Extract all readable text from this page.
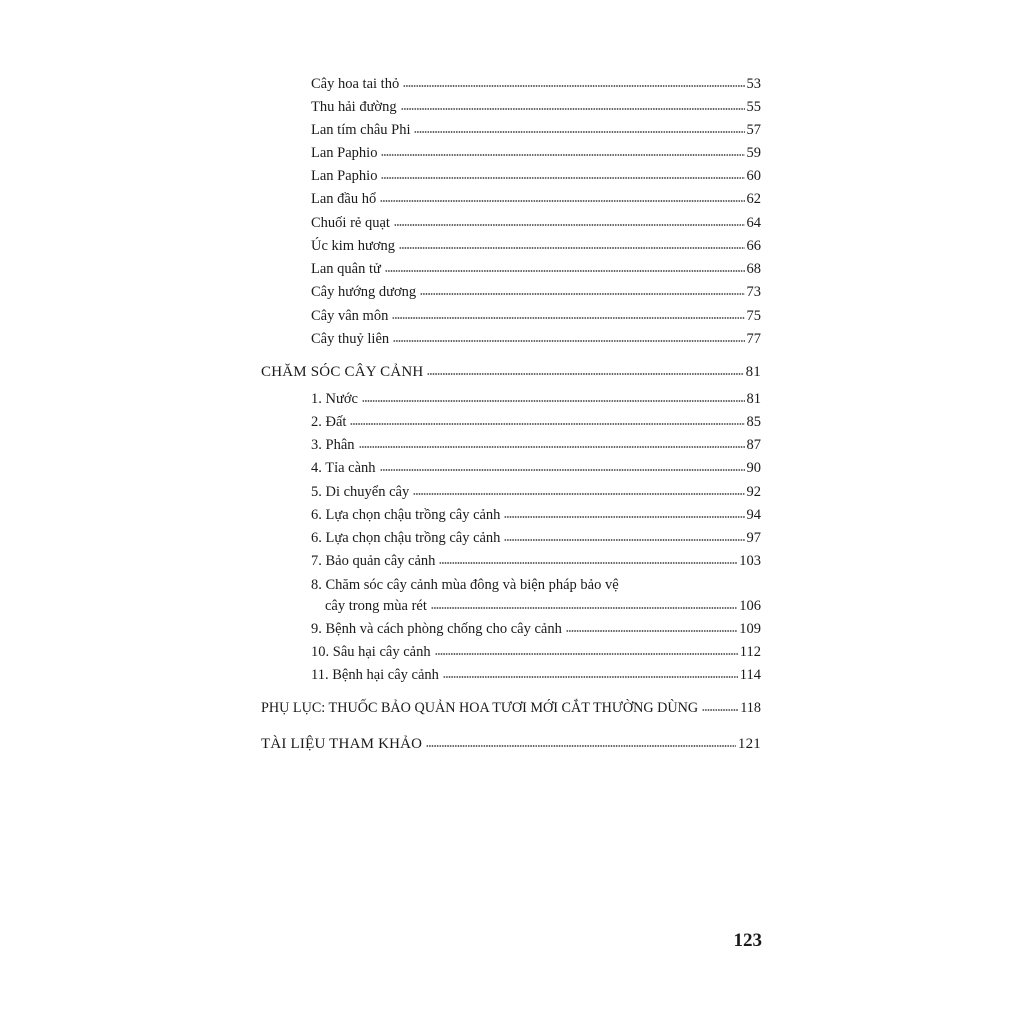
Cây hoa tai thỏ	53
Thu hải đường	55
Lan tím châu Phi	57
Lan Paphio	59
Lan Paphio	60
Lan đầu hổ	62
Chuối rẻ quạt	64
Úc kim hương	66
Lan quân tử	68
Cây hướng dương	73
Cây vân môn	75
Cây thuỷ liên	77
CHĂM SÓC CÂY CẢNH	81
1. Nước	81
2. Đất	85
3. Phân	87
4. Tỉa cành	90
5. Di chuyển cây	92
6. Lựa chọn chậu trồng cây cảnh	94
6. Lựa chọn chậu trồng cây cảnh	97
7. Bảo quản cây cảnh	103
8. Chăm sóc cây cảnh mùa đông và biện pháp bảo vệ
cây trong mùa rét	106
9. Bệnh và cách phòng chống cho cây cảnh	109
10. Sâu hại cây cảnh	112
11. Bệnh hại cây cảnh	114
PHỤ LỤC: THUỐC BẢO QUẢN HOA TƯƠI MỚI CẮT THƯỜNG DÙNG	118
TÀI LIỆU THAM KHẢO	121
123
